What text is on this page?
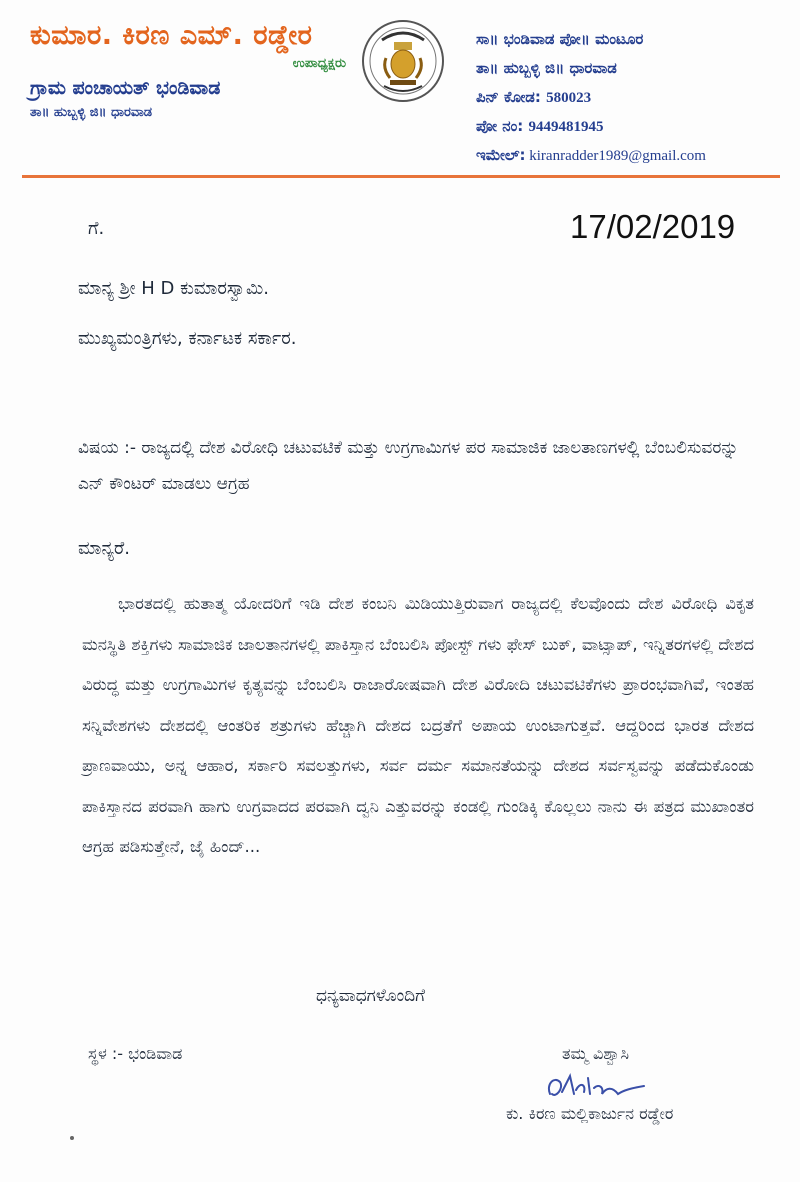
ಕುಮಾರ. ಕಿರಣ ಎಮ್. ರಡ್ಡೇರ
ಉಪಾಧ್ಯಕ್ಷರು
ಗ್ರಾಮ ಪಂಚಾಯತ್ ಭಂಡಿವಾಡ
ತಾ॥ ಹುಬ್ಬಳ್ಳಿ ಜಿ॥ ಧಾರವಾಡ
ಸಾ॥ ಭಂಡಿವಾಡ ಪೋ॥ ಮಂಟೂರ
ತಾ॥ ಹುಬ್ಬಳ್ಳಿ ಜಿ॥ ಧಾರವಾಡ
ಪಿನ್ ಕೋಡ: 580023
ಪೋ ನಂ: 9449481945
ಇಮೇಲ್: kiranradder1989@gmail.com
ಗೆ.	17/02/2019
ಮಾನ್ಯ ಶ್ರೀ H D ಕುಮಾರಸ್ವಾಮಿ.
ಮುಖ್ಯಮಂತ್ರಿಗಳು, ಕರ್ನಾಟಕ ಸರ್ಕಾರ.
ವಿಷಯ :- ರಾಜ್ಯದಲ್ಲಿ ದೇಶ ವಿರೋಧಿ ಚಟುವಟಿಕೆ ಮತ್ತು ಉಗ್ರಗಾಮಿಗಳ ಪರ ಸಾಮಾಜಿಕ ಜಾಲತಾಣಗಳಲ್ಲಿ ಬೆಂಬಲಿಸುವರನ್ನು ಎನ್ ಕೌಂಟರ್ ಮಾಡಲು ಆಗ್ರಹ
ಮಾನ್ಯರೆ.
ಭಾರತದಲ್ಲಿ ಹುತಾತ್ಮ ಯೋದರಿಗೆ ಇಡಿ ದೇಶ ಕಂಬನಿ ಮಿಡಿಯುತ್ತಿರುವಾಗ ರಾಜ್ಯದಲ್ಲಿ ಕೆಲವೊಂದು ದೇಶ ವಿರೋಧಿ ವಿಕೃತ ಮನಸ್ಥಿತಿ ಶಕ್ತಿಗಳು ಸಾಮಾಜಿಕ ಜಾಲತಾನಗಳಲ್ಲಿ ಪಾಕಿಸ್ತಾನ ಬೆಂಬಲಿಸಿ ಪೋಸ್ಟ್ ಗಳು ಫೇಸ್ ಬುಕ್, ವಾಟ್ಸಾಪ್, ಇನ್ನಿತರಗಳಲ್ಲಿ ದೇಶದ ವಿರುದ್ಧ ಮತ್ತು ಉಗ್ರಗಾಮಿಗಳ ಕೃತ್ಯವನ್ನು ಬೆಂಬಲಿಸಿ ರಾಜಾರೋಷವಾಗಿ ದೇಶ ವಿರೋದಿ ಚಟುವಟಿಕೆಗಳು ಪ್ರಾರಂಭವಾಗಿವೆ, ಇಂತಹ ಸನ್ನಿವೇಶಗಳು ದೇಶದಲ್ಲಿ ಆಂತರಿಕ ಶತ್ರುಗಳು ಹೆಚ್ಚಾಗಿ ದೇಶದ ಬದ್ರತೆಗೆ ಅಪಾಯ ಉಂಟಾಗುತ್ತವೆ. ಆದ್ದರಿಂದ ಭಾರತ ದೇಶದ ಪ್ರಾಣವಾಯು, ಅನ್ನ ಆಹಾರ, ಸರ್ಕಾರಿ ಸವಲತ್ತುಗಳು, ಸರ್ವ ದರ್ಮ ಸಮಾನತೆಯನ್ನು ದೇಶದ ಸರ್ವಸ್ವವನ್ನು ಪಡೆದುಕೊಂಡು ಪಾಕಿಸ್ತಾನದ ಪರವಾಗಿ ಹಾಗು ಉಗ್ರವಾದದ ಪರವಾಗಿ ದ್ವನಿ ಎತ್ತುವರನ್ನು ಕಂಡಲ್ಲಿ ಗುಂಡಿಕ್ಕಿ ಕೊಲ್ಲಲು ನಾನು ಈ ಪತ್ರದ ಮುಖಾಂತರ ಆಗ್ರಹ ಪಡಿಸುತ್ತೇನೆ, ಜೈ ಹಿಂದ್...
ಧನ್ಯವಾಧಗಳೊಂದಿಗೆ
ಸ್ಥಳ :- ಭಂಡಿವಾಡ	ತಮ್ಮ ವಿಶ್ವಾಸಿ
ಕು. ಕಿರಣ ಮಲ್ಲಿಕಾರ್ಜುನ ರಡ್ಡೇರ
